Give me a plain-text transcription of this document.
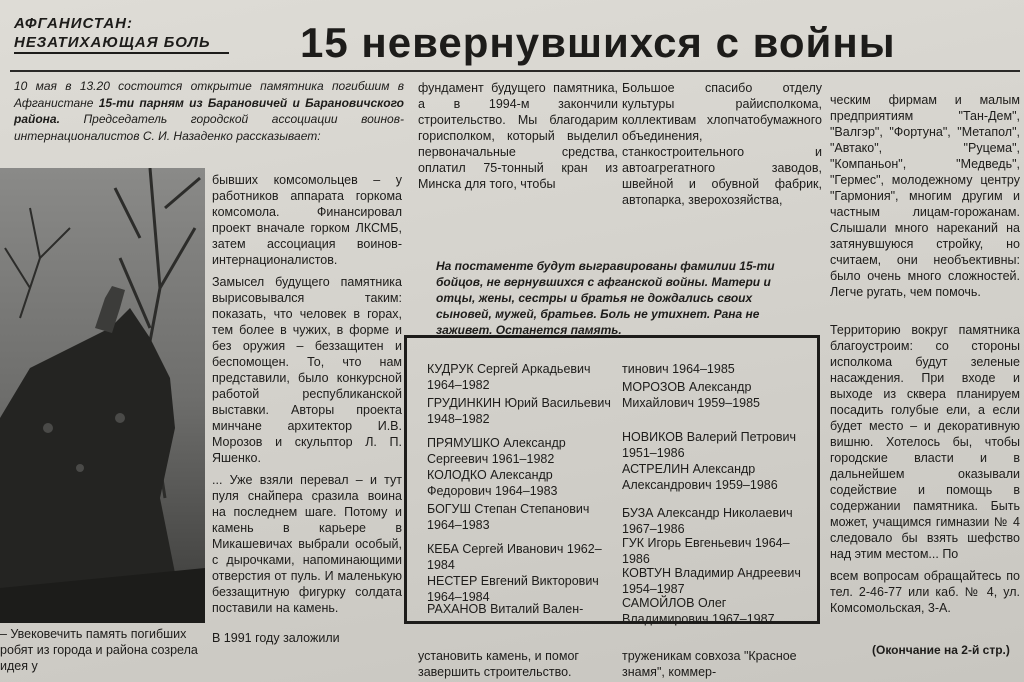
АФГАНИСТАН:
НЕЗАТИХАЮЩАЯ БОЛЬ	15 невернувшихся с войны
10 мая в 13.20 состоится открытие памятника погибшим в Афганистане 15-ти парням из Барановичей и Барановичского района. Председатель городской ассоциации воинов-интернационалистов С. И. Назаденко рассказывает:

бывших комсомольцев – у работников аппарата горкома комсомола. Финансировал проект вначале горком ЛКСМБ, затем ассоциация воинов-интернационалистов.

Замысел будущего памятника вырисовывался таким: показать, что человек в горах, тем более в чужих, в форме и без оружия – беззащитен и беспомощен. То, что нам представили, было конкурсной работой республиканской выставки. Авторы проекта минчане архитектор И.В. Морозов и скульптор Л. П. Яшенко.

... Уже взяли перевал – и тут пуля снайпера сразила воина на последнем шаге. Потому и камень в карьере в Микашевичах выбрали особый, с дырочками, напоминающими отверстия от пуль. И маленькую беззащитную фигурку солдата поставили на камень.

фундамент будущего памятника, а в 1994-м закончили строительство. Мы благодарим горисполком, который выделил первоначальные средства, оплатил 75-тонный кран из Минска для того, чтобы
Большое спасибо отделу культуры райисполкома, коллективам хлопчатобумажного объединения, станкостроительного и автоагрегатного заводов, швейной и обувной фабрик, автопарка, зверохозяйства,
ческим фирмам и малым предприятиям "Тан-Дем", "Валгэр", "Фортуна", "Метапол", "Автако", "Руцема", "Компаньон", "Медведь", "Гермес", молодежному центру "Гармония", многим другим и частным лицам-горожанам. Слышали много нареканий на затянувшуюся стройку, но считаем, они необъективны: было очень много сложностей. Легче ругать, чем помочь.

Территорию вокруг памятника благоустроим: со стороны исполкома будут зеленые насаждения. При входе и выходе из сквера планируем посадить голубые ели, а если будет место – и декоративную вишню. Хотелось бы, чтобы городские власти и в дальнейшем оказывали содействие и помощь в содержании памятника. Быть может, учащимся гимназии № 4 следовало бы взять шефство над этим местом... По

всем вопросам обращайтесь по тел. 2-46-77 или каб. № 4, ул. Комсомольская, 3-А.

На постаменте будут выгравированы фамилии 15-ти бойцов, не вернувшихся с афганской войны. Матери и отцы, жены, сестры и братья не дождались своих сыновей, мужей, братьев. Боль не утихнет. Рана не заживет. Останется память.
КУДРУК Сергей Аркадьевич 1964–1982
ГРУДИНКИН Юрий Васильевич 1948–1982
ПРЯМУШКО Александр Сергеевич 1961–1982
КОЛОДКО Александр Федорович 1964–1983
БОГУШ Степан Степанович 1964–1983
КЕБА Сергей Иванович 1962–1984
НЕСТЕР Евгений Викторович 1964–1984
РАХАНОВ Виталий Вален-
тинович 1964–1985
МОРОЗОВ Александр Михайлович 1959–1985
НОВИКОВ Валерий Петрович 1951–1986
АСТРЕЛИН Александр Александрович 1959–1986
БУЗА Александр Николаевич 1967–1986
ГУК Игорь Евгеньевич 1964–1986
КОВТУН Владимир Андреевич 1954–1987
САМОЙЛОВ Олег Владимирович 1967–1987
– Увековечить память погибших робят из города и района созрела идея у
В 1991 году заложили
установить камень, и помог завершить строительство.
труженикам совхоза "Красное знамя", коммер-
(Окончание на 2-й стр.)
